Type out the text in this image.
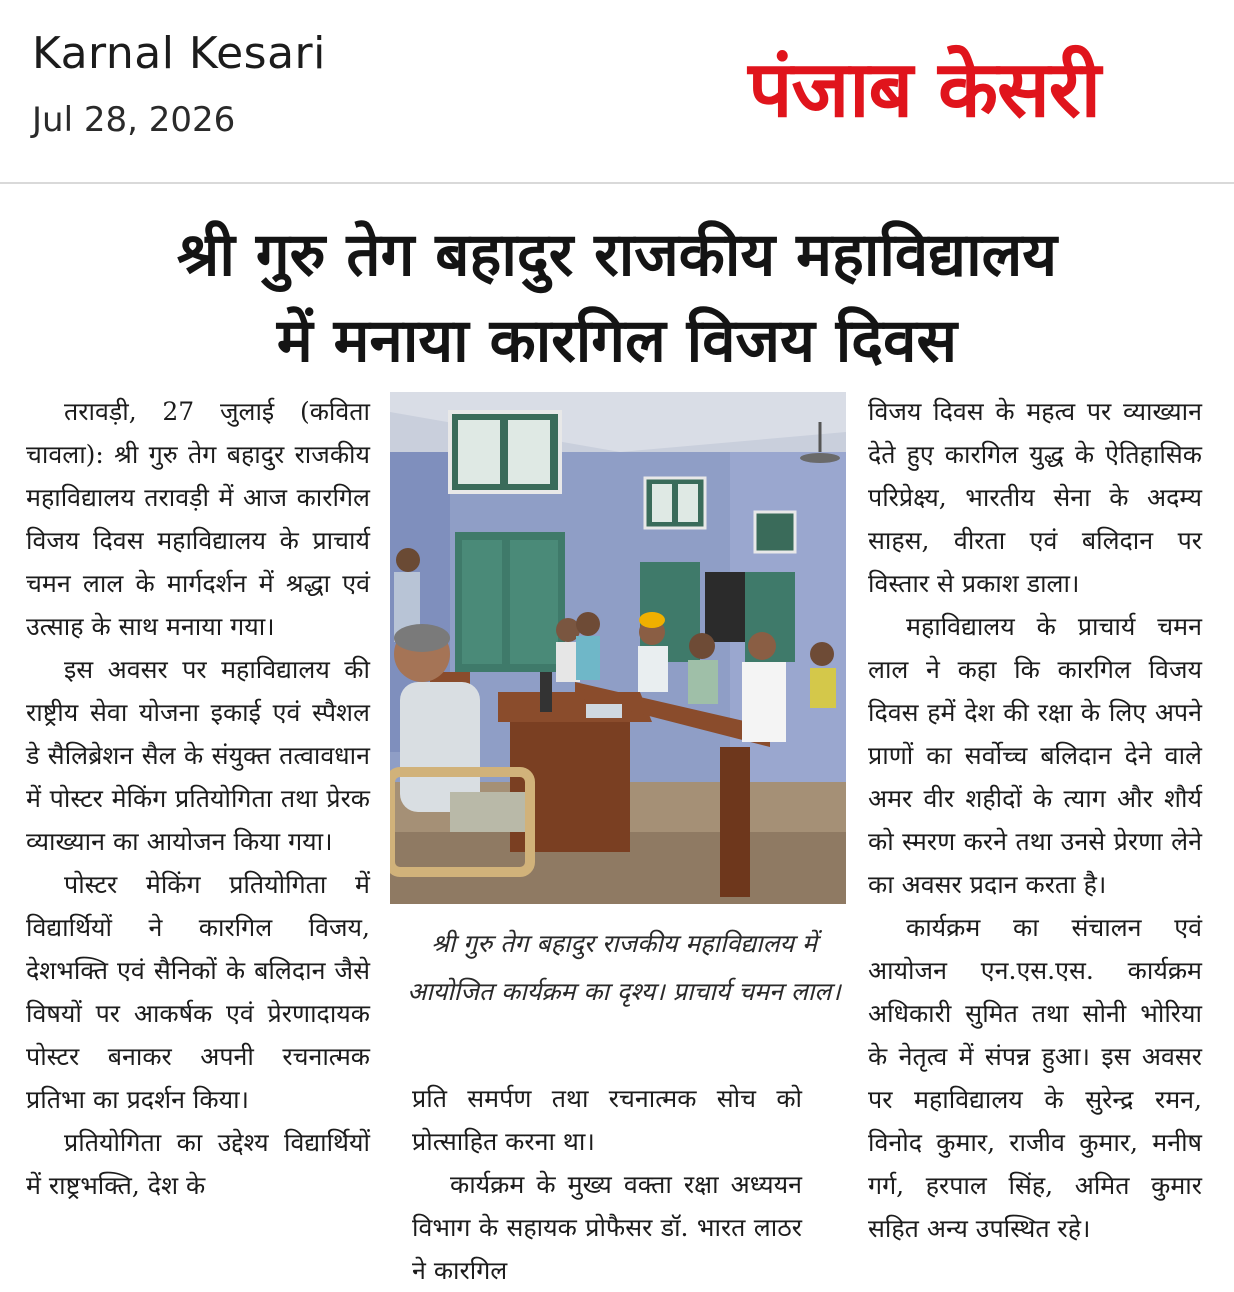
Karnal Kesari
Jul 28, 2026	पंजाब केसरी
श्री गुरु तेग बहादुर राजकीय महाविद्यालय
में मनाया कारगिल विजय दिवस

तरावड़ी, 27 जुलाई (कविता चावला): श्री गुरु तेग बहादुर राजकीय महाविद्यालय तरावड़ी में आज कारगिल विजय दिवस महाविद्यालय के प्राचार्य चमन लाल के मार्गदर्शन में श्रद्धा एवं उत्साह के साथ मनाया गया।

इस अवसर पर महाविद्यालय की राष्ट्रीय सेवा योजना इकाई एवं स्पैशल डे सैलिब्रेशन सैल के संयुक्त तत्वावधान में पोस्टर मेकिंग प्रतियोगिता तथा प्रेरक व्याख्यान का आयोजन किया गया।

पोस्टर मेकिंग प्रतियोगिता में विद्यार्थियों ने कारगिल विजय, देशभक्ति एवं सैनिकों के बलिदान जैसे विषयों पर आकर्षक एवं प्रेरणादायक पोस्टर बनाकर अपनी रचनात्मक प्रतिभा का प्रदर्शन किया।

प्रतियोगिता का उद्देश्य विद्यार्थियों में राष्ट्रभक्ति, देश के

श्री गुरु तेग बहादुर राजकीय महाविद्यालय में आयोजित कार्यक्रम का दृश्य। प्राचार्य चमन लाल।

प्रति समर्पण तथा रचनात्मक सोच को प्रोत्साहित करना था।

कार्यक्रम के मुख्य वक्ता रक्षा अध्ययन विभाग के सहायक प्रोफैसर डॉ. भारत लाठर ने कारगिल

विजय दिवस के महत्व पर व्याख्यान देते हुए कारगिल युद्ध के ऐतिहासिक परिप्रेक्ष्य, भारतीय सेना के अदम्य साहस, वीरता एवं बलिदान पर विस्तार से प्रकाश डाला।

महाविद्यालय के प्राचार्य चमन लाल ने कहा कि कारगिल विजय दिवस हमें देश की रक्षा के लिए अपने प्राणों का सर्वोच्च बलिदान देने वाले अमर वीर शहीदों के त्याग और शौर्य को स्मरण करने तथा उनसे प्रेरणा लेने का अवसर प्रदान करता है।

कार्यक्रम का संचालन एवं आयोजन एन.एस.एस. कार्यक्रम अधिकारी सुमित तथा सोनी भोरिया के नेतृत्व में संपन्न हुआ। इस अवसर पर महाविद्यालय के सुरेन्द्र रमन, विनोद कुमार, राजीव कुमार, मनीष गर्ग, हरपाल सिंह, अमित कुमार सहित अन्य उपस्थित रहे।
